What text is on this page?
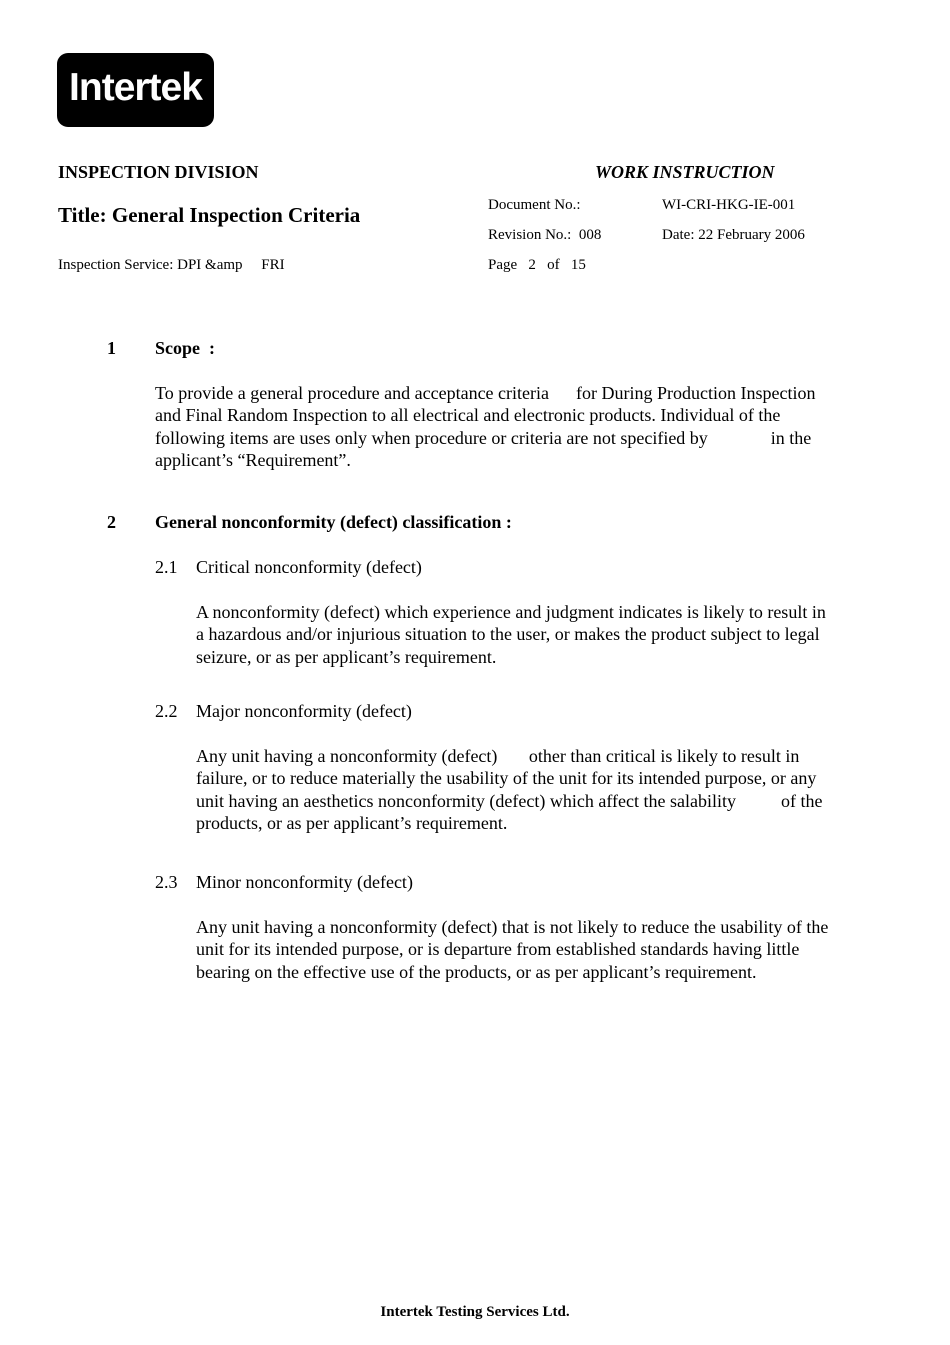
Intertek
INSPECTION DIVISION	WORK INSTRUCTION
Title: General Inspection Criteria	Document No.:	WI-CRI-HKG-IE-001
Revision No.:  008	Date: 22 February 2006
Inspection Service: DPI &amp     FRI	Page   2   of   15
1 Scope  :
To provide a general procedure and acceptance criteria      for During Production Inspection
and Final Random Inspection to all electrical and electronic products. Individual of the
following items are uses only when procedure or criteria are not specified by              in the
applicant’s “Requirement”.
2 General nonconformity (defect) classification :
2.1 Critical nonconformity (defect)
A nonconformity (defect) which experience and judgment indicates is likely to result in
a hazardous and/or injurious situation to the user, or makes the product subject to legal
seizure, or as per applicant’s requirement.
2.2 Major nonconformity (defect)
Any unit having a nonconformity (defect)       other than critical is likely to result in
failure, or to reduce materially the usability of the unit for its intended purpose, or any
unit having an aesthetics nonconformity (defect) which affect the salability          of the
products, or as per applicant’s requirement.
2.3 Minor nonconformity (defect)
Any unit having a nonconformity (defect) that is not likely to reduce the usability of the
unit for its intended purpose, or is departure from established standards having little
bearing on the effective use of the products, or as per applicant’s requirement.
Intertek Testing Services Ltd.
